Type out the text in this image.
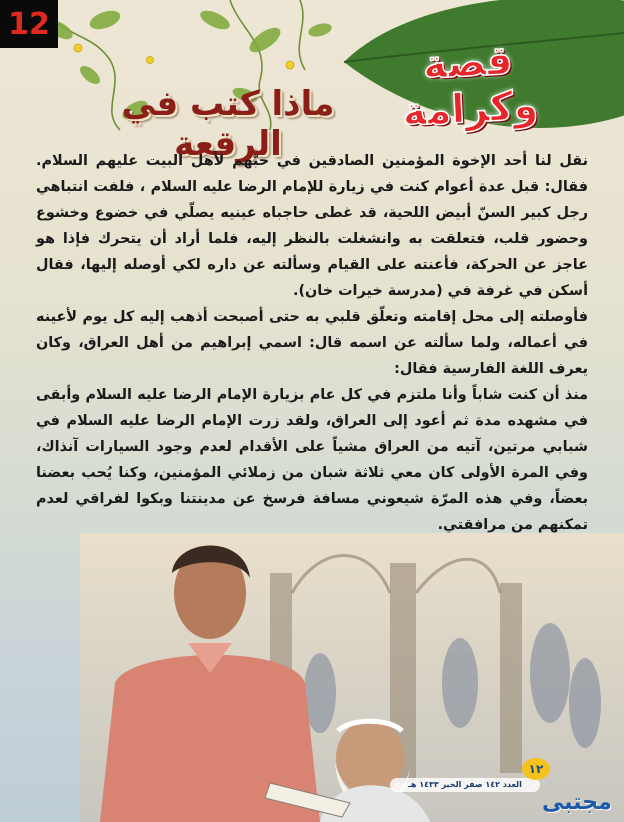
12
قصة وكرامة
ماذا كتب في الرقعة

نقل لنا أحد الإخوة المؤمنين الصادقين في حبّهم لأهل البيت عليهم السلام. فقال: قبل عدة أعوام كنت في زيارة للإمام الرضا عليه السلام ، فلفت انتباهي رجل كبير السنّ أبيض اللحية، قد غطى حاجباه عينيه يصلّي في خضوع وخشوع وحضور قلب، فتعلقت به وانشغلت بالنظر إليه، فلما أراد أن يتحرك فإذا هو عاجز عن الحركة، فأعنته على القيام وسألته عن داره لكي أوصله إليها، فقال أسكن في غرفة في (مدرسة خيرات خان).

فأوصلته إلى محل إقامته وتعلّق قلبي به حتى أصبحت أذهب إليه كل يوم لأعينه في أعماله، ولما سألته عن اسمه قال: اسمي إبراهيم من أهل العراق، وكان يعرف اللغة الفارسية فقال:

منذ أن كنت شاباً وأنا ملتزم في كل عام بزيارة الإمام الرضا عليه السلام وأبقى في مشهده مدة ثم أعود إلى العراق، ولقد زرت الإمام الرضا عليه السلام في شبابي مرتين، آتيه من العراق مشياً على الأقدام لعدم وجود السيارات آنذاك، وفي المرة الأولى كان معي ثلاثة شبان من زملائي المؤمنين، وكنا يُحب بعضنا بعضاً، وفي هذه المرّة شيعوني مسافة فرسخ عن مدينتنا وبكوا لفراقي لعدم تمكنهم من مرافقتي.

العدد ١٤٢ صفر الخير ١٤٣٣ هـ
١٢
مجتبى
